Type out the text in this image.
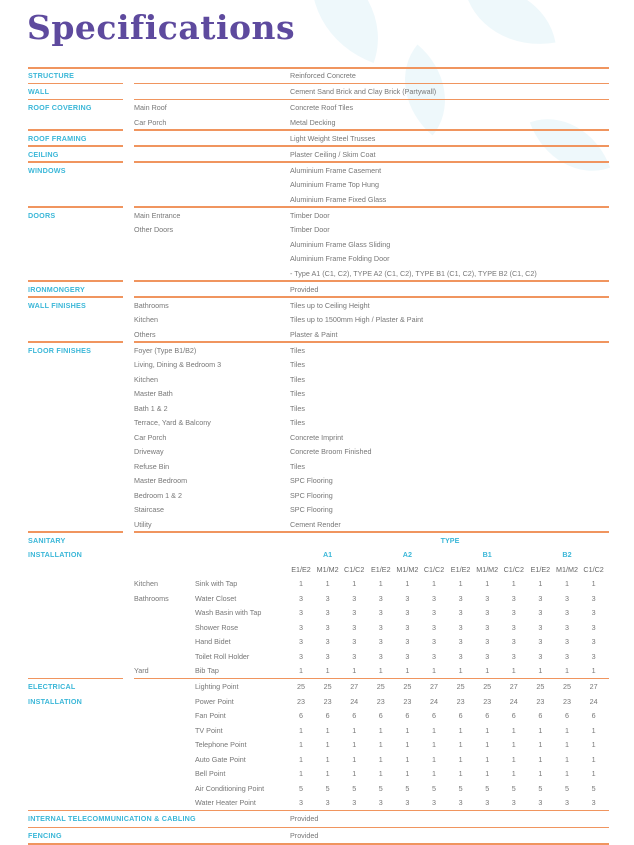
Specifications
STRUCTURE	Reinforced Concrete
WALL	Cement Sand Brick and Clay Brick (Partywall)
ROOF COVERING	Main Roof	Concrete Roof Tiles
Car Porch	Metal Decking
ROOF FRAMING	Light Weight Steel Trusses
CEILING	Plaster Ceiling / Skim Coat
WINDOWS	Aluminium Frame Casement
Aluminium Frame Top Hung
Aluminium Frame Fixed Glass
DOORS	Main Entrance	Timber Door
Other Doors	Timber Door
Aluminium Frame Glass Sliding
Aluminium Frame Folding Door
- Type A1 (C1, C2), TYPE A2 (C1, C2), TYPE B1 (C1, C2), TYPE B2 (C1, C2)
IRONMONGERY	Provided
WALL FINISHES	Bathrooms	Tiles up to Ceiling Height
Kitchen	Tiles up to 1500mm High / Plaster & Paint
Others	Plaster & Paint
FLOOR FINISHES	Foyer (Type B1/B2)	Tiles
Living, Dining & Bedroom 3	Tiles
Kitchen	Tiles
Master Bath	Tiles
Bath 1 & 2	Tiles
Terrace, Yard & Balcony	Tiles
Car Porch	Concrete Imprint
Driveway	Concrete Broom Finished
Refuse Bin	Tiles
Master Bedroom	SPC Flooring
Bedroom 1 & 2	SPC Flooring
Staircase	SPC Flooring
Utility	Cement Render
SANITARY	TYPE
INSTALLATION	A1	A2	B1	B2
E1/E2 M1/M2 C1/C2 E1/E2 M1/M2 C1/C2 E1/E2 M1/M2 C1/C2 E1/E2 M1/M2 C1/C2
Kitchen	Sink with Tap	1	1	1	1	1	1	1	1	1	1	1	1
Bathrooms	Water Closet	3	3	3	3	3	3	3	3	3	3	3	3
Wash Basin with Tap	3	3	3	3	3	3	3	3	3	3	3	3
Shower Rose	3	3	3	3	3	3	3	3	3	3	3	3
Hand Bidet	3	3	3	3	3	3	3	3	3	3	3	3
Toilet Roll Holder	3	3	3	3	3	3	3	3	3	3	3	3
Yard	Bib Tap	1	1	1	1	1	1	1	1	1	1	1	1
ELECTRICAL
INSTALLATION
Lighting Point	25	25	27	25	25	27	25	25	27	25	25	27
Power Point	23	23	24	23	23	24	23	23	24	23	23	24
Fan Point	6	6	6	6	6	6	6	6	6	6	6	6
TV Point	1	1	1	1	1	1	1	1	1	1	1	1
Telephone Point	1	1	1	1	1	1	1	1	1	1	1	1
Auto Gate Point	1	1	1	1	1	1	1	1	1	1	1	1
Bell Point	1	1	1	1	1	1	1	1	1	1	1	1
Air Conditioning Point	5	5	5	5	5	5	5	5	5	5	5	5
Water Heater Point	3	3	3	3	3	3	3	3	3	3	3	3
INTERNAL TELECOMMUNICATION & CABLING	Provided
FENCING	Provided
